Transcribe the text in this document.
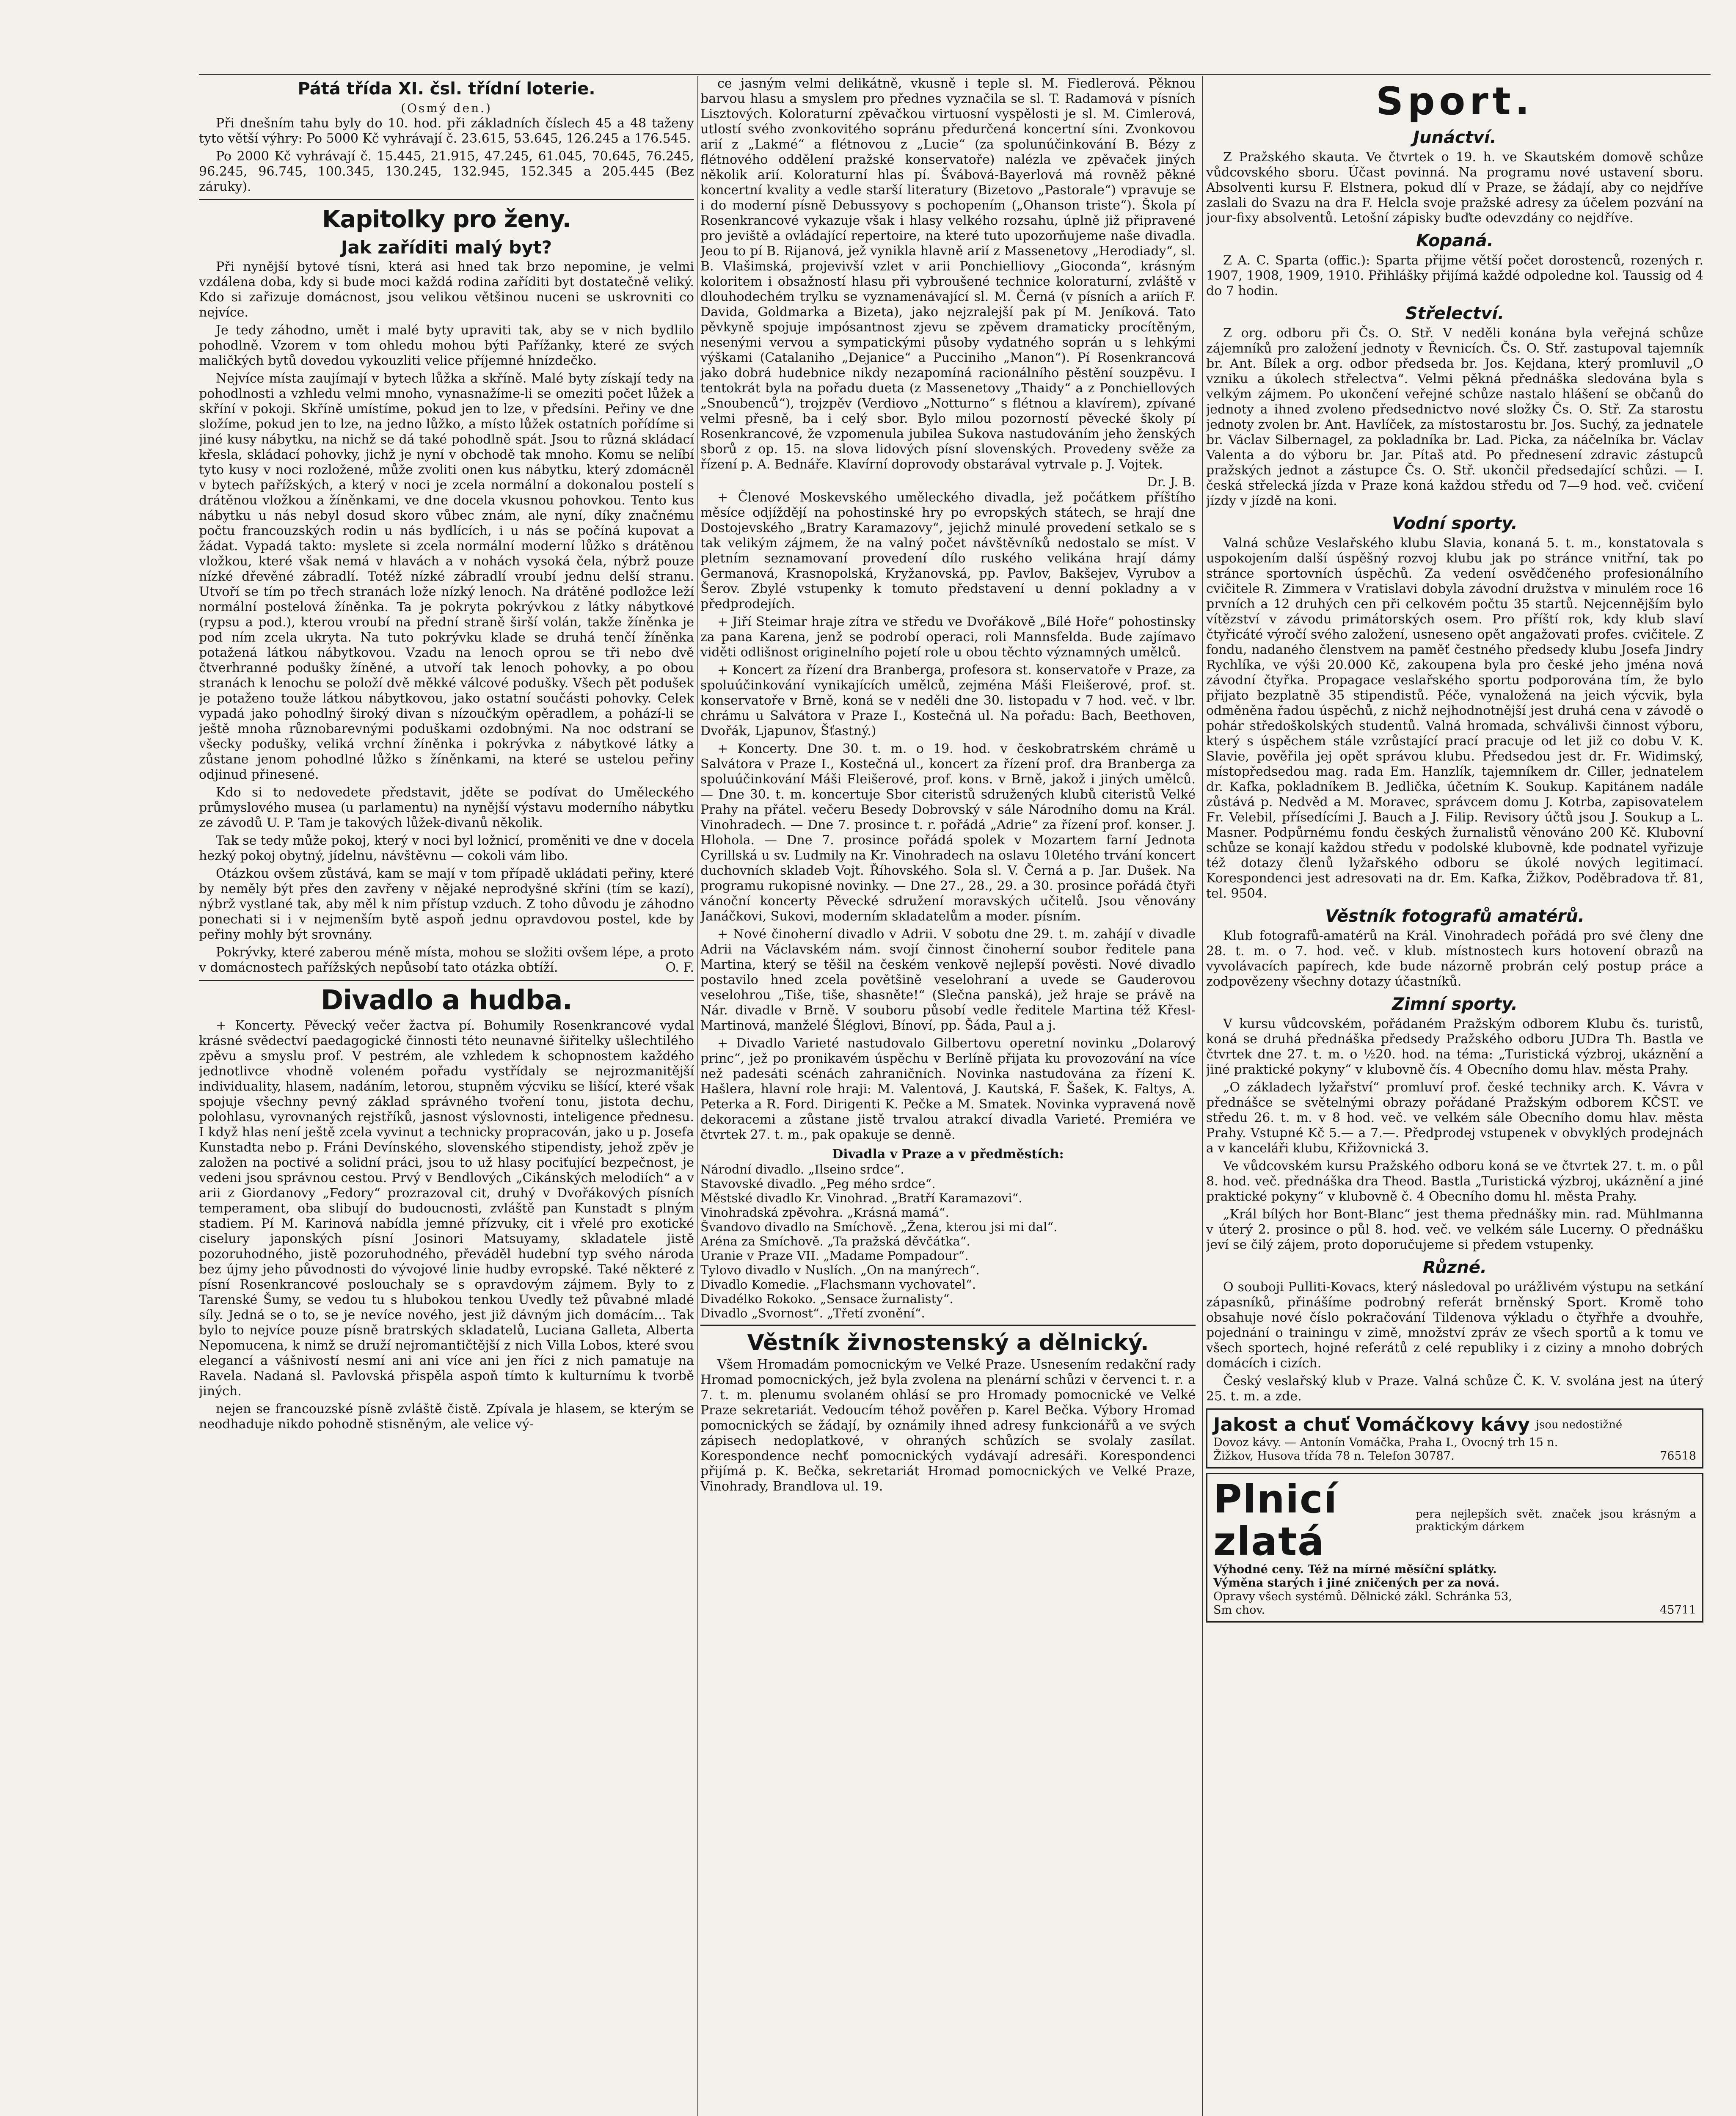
Pátá třída XI. čsl. třídní loterie.
(Osmý den.)

Při dnešním tahu byly do 10. hod. při základních číslech 45 a 48 taženy tyto větší výhry: Po 5000 Kč vyhrávají č. 23.615, 53.645, 126.245 a 176.545.

Po 2000 Kč vyhrávají č. 15.445, 21.915, 47.245, 61.045, 70.645, 76.245, 96.245, 96.745, 100.345, 130.245, 132.945, 152.345 a 205.445 (Bez záruky).

Kapitolky pro ženy.
Jak zaříditi malý byt?

Při nynější bytové tísni, která asi hned tak brzo nepomine, je velmi vzdálena doba, kdy si bude moci každá rodina zaříditi byt dostatečně veliký. Kdo si zařizuje domácnost, jsou velikou většinou nuceni se uskrovniti co nejvíce.

Je tedy záhodno, umět i malé byty upraviti tak, aby se v nich bydlilo pohodlně. Vzorem v tom ohledu mohou býti Pařížanky, které ze svých maličkých bytů dovedou vykouzliti velice příjemné hnízdečko.

Nejvíce místa zaujímají v bytech lůžka a skříně. Malé byty získají tedy na pohodlnosti a vzhledu velmi mnoho, vynasnažíme-li se omeziti počet lůžek a skříní v pokoji. Skříně umístíme, pokud jen to lze, v předsíni. Peřiny ve dne složíme, pokud jen to lze, na jedno lůžko, a místo lůžek ostatních pořídíme si jiné kusy nábytku, na nichž se dá také pohodlně spát. Jsou to různá skládací křesla, skládací pohovky, jichž je nyní v obchodě tak mnoho. Komu se nelíbí tyto kusy v noci rozložené, může zvoliti onen kus nábytku, který zdomácněl v bytech pařížských, a který v noci je zcela normální a dokonalou postelí s drátěnou vložkou a žíněnkami, ve dne docela vkusnou pohovkou. Tento kus nábytku u nás nebyl dosud skoro vůbec znám, ale nyní, díky značnému počtu francouzských rodin u nás bydlících, i u nás se počíná kupovat a žádat. Vypadá takto: myslete si zcela normální moderní lůžko s drátěnou vložkou, které však nemá v hlavách a v nohách vysoká čela, nýbrž pouze nízké dřevěné zábradlí. Totéž nízké zábradlí vroubí jednu delší stranu. Utvoří se tím po třech stranách lože nízký lenoch. Na drátěné podložce leží normální postelová žíněnka. Ta je pokryta pokrývkou z látky nábytkové (rypsu a pod.), kterou vroubí na přední straně širší volán, takže žíněnka je pod ním zcela ukryta. Na tuto pokrývku klade se druhá tenčí žíněnka potažená látkou nábytkovou. Vzadu na lenoch oprou se tři nebo dvě čtverhranné podušky žíněné, a utvoří tak lenoch pohovky, a po obou stranách k lenochu se položí dvě měkké válcové podušky. Všech pět podušek je potaženo touže látkou nábytkovou, jako ostatní součásti pohovky. Celek vypadá jako pohodlný široký divan s nízoučkým opěradlem, a pohází-li se ještě mnoha různobarevnými poduškami ozdobnými. Na noc odstraní se všecky podušky, veliká vrchní žíněnka i pokrývka z nábytkové látky a zůstane jenom pohodlné lůžko s žíněnkami, na které se ustelou peřiny odjinud přinesené.

Kdo si to nedovedete představit, jděte se podívat do Uměleckého průmyslového musea (u parlamentu) na nynější výstavu moderního nábytku ze závodů U. P. Tam je takových lůžek-divanů několik.

Tak se tedy může pokoj, který v noci byl ložnicí, proměniti ve dne v docela hezký pokoj obytný, jídelnu, návštěvnu — cokoli vám libo.

Otázkou ovšem zůstává, kam se mají v tom případě ukládati peřiny, které by neměly být přes den zavřeny v nějaké neprodyšné skříni (tím se kazí), nýbrž vystlané tak, aby měl k nim přístup vzduch. Z toho důvodu je záhodno ponechati si i v nejmenším bytě aspoň jednu opravdovou postel, kde by peřiny mohly být srovnány.

Pokrývky, které zaberou méně místa, mohou se složiti ovšem lépe, a proto v domácnostech pařížských nepůsobí tato otázka obtíží.	O. F.

Divadlo a hudba.

+ Koncerty. Pěvecký večer žactva pí. Bohumily Rosenkrancové vydal krásné svědectví paedagogické činnosti této neunavné šiřitelky ušlechtilého zpěvu a smyslu prof. V pestrém, ale vzhledem k schopnostem každého jednotlivce vhodně voleném pořadu vystřídaly se nejrozmanitější individuality, hlasem, nadáním, letorou, stupněm výcviku se lišící, které však spojuje všechny pevný základ správného tvoření tonu, jistota dechu, polohlasu, vyrovnaných rejstříků, jasnost výslovnosti, inteligence přednesu. I když hlas není ještě zcela vyvinut a technicky propracován, jako u p. Josefa Kunstadta nebo p. Fráni Devínského, slovenského stipendisty, jehož zpěv je založen na poctivé a solidní práci, jsou to už hlasy pociťující bezpečnost, je vedeni jsou správnou cestou. Prvý v Bendlových „Cikánských melodiích“ a v arii z Giordanovy „Fedory“ prozrazoval cit, druhý v Dvořákových písních temperament, oba slibují do budoucnosti, zvláště pan Kunstadt s plným stadiem. Pí M. Karinová nabídla jemné přízvuky, cit i vřelé pro exotické ciselury japonských písní Josinori Matsuyamy, skladatele jistě pozoruhodného, jistě pozoruhodného, převáděl hudební typ svého národa bez újmy jeho původnosti do vývojové linie hudby evropské. Také některé z písní Rosenkrancové poslouchaly se s opravdovým zájmem. Byly to z Tarenské Šumy, se vedou tu s hlubokou tenkou Uvedly tež půvabné mladé síly. Jedná se o to, se je nevíce nového, jest již dávným jich domácím... Tak bylo to nejvíce pouze písně bratrských skladatelů, Luciana Galleta, Alberta Nepomucena, k nimž se druží nejromantičtější z nich Villa Lobos, které svou elegancí a vášnivostí nesmí ani ani více ani jen říci z nich pamatuje na Ravela. Nadaná sl. Pavlovská přispěla aspoň tímto k kulturnímu k tvorbě jiných.

nejen se francouzské písně zvláště čistě. Zpívala je hlasem, se kterým se neodhaduje nikdo pohodně stisněným, ale velice vý-

ce jasným velmi delikátně, vkusně i teple sl. M. Fiedlerová. Pěknou barvou hlasu a smyslem pro přednes vyznačila se sl. T. Radamová v písních Lisztových. Koloraturní zpěvačkou virtuosní vyspělosti je sl. M. Cimlerová, utlostí svého zvonkovitého sopránu předurčená koncertní síni. Zvonkovou arií z „Lakmé“ a flétnovou z „Lucie“ (za spolunúčinkování B. Bézy z flétnového oddělení pražské konservatoře) nalézla ve zpěvaček jiných několik arií. Koloraturní hlas pí. Švábová-Bayerlová má rovněž pěkné koncertní kvality a vedle starší literatury (Bizetovo „Pastorale“) vpravuje se i do moderní písně Debussyovy s pochopením („Ohanson triste“). Škola pí Rosenkrancové vykazuje však i hlasy velkého rozsahu, úplně již připravené pro jeviště a ovládající repertoire, na které tuto upozorňujeme naše divadla. Jeou to pí B. Rijanová, jež vynikla hlavně arií z Massenetovy „Herodiady“, sl. B. Vlašimská, projevivší vzlet v arii Ponchielliovy „Gioconda“, krásným koloritem i obsažností hlasu při vybroušené technice koloraturní, zvláště v dlouhodechém trylku se vyznamenávající sl. M. Černá (v písních a ariích F. Davida, Goldmarka a Bizeta), jako nejzralejší pak pí M. Jeníková. Tato pěvkyně spojuje impósantnost zjevu se zpěvem dramaticky procítěným, nesenými vervou a sympatickými působy vydatného soprán u s lehkými výškami (Catalaniho „Dejanice“ a Pucciniho „Manon“). Pí Rosenkrancová jako dobrá hudebnice nikdy nezapomíná racionálního pěstění souzpěvu. I tentokrát byla na pořadu dueta (z Massenetovy „Thaidy“ a z Ponchiellových „Snoubenců“), trojzpěv (Verdiovo „Notturno“ s flétnou a klavírem), zpívané velmi přesně, ba i celý sbor. Bylo milou pozorností pěvecké školy pí Rosenkrancové, že vzpomenula jubilea Sukova nastudováním jeho ženských sborů z op. 15. na slova lidových písní slovenských. Provedeny svěže za řízení p. A. Bednáře. Klavírní doprovody obstarával vytrvale p. J. Vojtek.

Dr. J. B.

+ Členové Moskevského uměleckého divadla, jež počátkem příštího měsíce odjíždějí na pohostinské hry po evropských státech, se hrají dne Dostojevského „Bratry Karamazovy“, jejichž minulé provedení setkalo se s tak velikým zájmem, že na valný počet návštěvníků nedostalo se míst. V pletním seznamovaní provedení dílo ruského velikána hrají dámy Germanová, Krasnopolská, Kryžanovská, pp. Pavlov, Bakšejev, Vyrubov a Šerov. Zbylé vstupenky k tomuto představení u denní pokladny a v předprodejích.

+ Jiří Steimar hraje zítra ve středu ve Dvořákově „Bílé Hoře“ pohostinsky za pana Karena, jenž se podrobí operaci, roli Mannsfelda. Bude zajímavo viděti odlišnost originelního pojetí role u obou těchto významných umělců.

+ Koncert za řízení dra Branberga, profesora st. konservatoře v Praze, za spoluúčinkování vynikajících umělců, zejména Máši Fleišerové, prof. st. konservatoře v Brně, koná se v neděli dne 30. listopadu v 7 hod. več. v lbr. chrámu u Salvátora v Praze I., Kostečná ul. Na pořadu: Bach, Beethoven, Dvořák, Ljapunov, Šťastný.)

+ Koncerty. Dne 30. t. m. o 19. hod. v českobratrském chrámě u Salvátora v Praze I., Kostečná ul., koncert za řízení prof. dra Branberga za spoluúčinkování Máši Fleišerové, prof. kons. v Brně, jakož i jiných umělců. — Dne 30. t. m. koncertuje Sbor citeristů sdružených klubů citeristů Velké Prahy na přátel. večeru Besedy Dobrovský v sále Národního domu na Král. Vinohradech. — Dne 7. prosince t. r. pořádá „Adrie“ za řízení prof. konser. J. Hlohola. — Dne 7. prosince pořádá spolek v Mozartem farní Jednota Cyrillská u sv. Ludmily na Kr. Vinohradech na oslavu 10letého trvání koncert duchovních skladeb Vojt. Říhovského. Sola sl. V. Černá a p. Jar. Dušek. Na programu rukopisné novinky. — Dne 27., 28., 29. a 30. prosince pořádá čtyři vánoční koncerty Pěvecké sdružení moravských učitelů. Jsou věnovány Janáčkovi, Sukovi, moderním skladatelům a moder. písním.

+ Nové činoherní divadlo v Adrii. V sobotu dne 29. t. m. zahájí v divadle Adrii na Václavském nám. svojí činnost činoherní soubor ředitele pana Martina, který se těšil na českém venkově nejlepší pověsti. Nové divadlo postavilo hned zcela povětšině veselohraní a uvede se Gauderovou veselohrou „Tiše, tiše, shasněte!“ (Slečna panská), jež hraje se právě na Nár. divadle v Brně. V souboru působí vedle ředitele Martina též Křesl-Martinová, manželé Šléglovi, Bínoví, pp. Šáda, Paul a j.

+ Divadlo Varieté nastudovalo Gilbertovu operetní novinku „Dolarový princ“, jež po pronikavém úspěchu v Berlíně přijata ku provozování na více než padesáti scénách zahraničních. Novinka nastudována za řízení K. Hašlera, hlavní role hraji: M. Valentová, J. Kautská, F. Šašek, K. Faltys, A. Peterka a R. Ford. Dirigenti K. Pečke a M. Smatek. Novinka vypravená nově dekoracemi a zůstane jistě trvalou atrakcí divadla Varieté. Premiéra ve čtvrtek 27. t. m., pak opakuje se denně.

Divadla v Praze a v předměstích:
Národní divadlo. „Ilseino srdce“.
Stavovské divadlo. „Peg mého srdce“.
Městské divadlo Kr. Vinohrad. „Bratří Karamazovi“.
Vinohradská zpěvohra. „Krásná mamá“.
Švandovo divadlo na Smíchově. „Žena, kterou jsi mi dal“.
Aréna za Smíchově. „Ta pražská děvčátka“.
Uranie v Praze VII. „Madame Pompadour“.
Tylovo divadlo v Nuslích. „On na manýrech“.
Divadlo Komedie. „Flachsmann vychovatel“.
Divadélko Rokoko. „Sensace žurnalisty“.
Divadlo „Svornost“. „Třetí zvonění“.
Věstník živnostenský a dělnický.

Všem Hromadám pomocnickým ve Velké Praze. Usnesením redakční rady Hromad pomocnických, jež byla zvolena na plenární schůzi v červenci t. r. a 7. t. m. plenumu svolaném ohlásí se pro Hromady pomocnické ve Velké Praze sekretariát. Vedoucím téhož pověřen p. Karel Bečka. Výbory Hromad pomocnických se žádají, by oznámily ihned adresy funkcionářů a ve svých zápisech nedoplatkové, v ohraných schůzích se svolaly zasílat. Korespondence nechť pomocnických vydávají adresáři. Korespondenci přijímá p. K. Bečka, sekretariát Hromad pomocnických ve Velké Praze, Vinohrady, Brandlova ul. 19.

Sport.
Junáctví.

Z Pražského skauta. Ve čtvrtek o 19. h. ve Skautském domově schůze vůdcovského sboru. Účast povinná. Na programu nové ustavení sboru. Absolventi kursu F. Elstnera, pokud dlí v Praze, se žádají, aby co nejdříve zaslali do Svazu na dra F. Helcla svoje pražské adresy za účelem pozvání na jour-fixy absolventů. Letošní zápisky buďte odevzdány co nejdříve.

Kopaná.

Z A. C. Sparta (offic.): Sparta přijme větší počet dorostenců, rozených r. 1907, 1908, 1909, 1910. Přihlášky přijímá každé odpoledne kol. Taussig od 4 do 7 hodin.

Střelectví.

Z org. odboru při Čs. O. Stř. V neděli konána byla veřejná schůze zájemníků pro založení jednoty v Řevnicích. Čs. O. Stř. zastupoval tajemník br. Ant. Bílek a org. odbor předseda br. Jos. Kejdana, který promluvil „O vzniku a úkolech střelectva“. Velmi pěkná přednáška sledována byla s velkým zájmem. Po ukončení veřejné schůze nastalo hlášení se občanů do jednoty a ihned zvoleno předsednictvo nové složky Čs. O. Stř. Za starostu jednoty zvolen br. Ant. Havlíček, za místostarostu br. Jos. Suchý, za jednatele br. Václav Silbernagel, za pokladníka br. Lad. Picka, za náčelníka br. Václav Valenta a do výboru br. Jar. Pítaš atd. Po přednesení zdravic zástupců pražských jednot a zástupce Čs. O. Stř. ukončil předsedající schůzi. — I. česká střelecká jízda v Praze koná každou středu od 7—9 hod. več. cvičení jízdy v jízdě na koni.

Vodní sporty.

Valná schůze Veslařského klubu Slavia, konaná 5. t. m., konstatovala s uspokojením další úspěšný rozvoj klubu jak po stránce vnitřní, tak po stránce sportovních úspěchů. Za vedení osvědčeného profesionálního cvičitele R. Zimmera v Vratislavi dobyla závodní družstva v minulém roce 16 prvních a 12 druhých cen při celkovém počtu 35 startů. Nejcennějším bylo vítězství v závodu primátorských osem. Pro příští rok, kdy klub slaví čtyřicáté výročí svého založení, usneseno opět angažovati profes. cvičitele. Z fondu, nadaného členstvem na paměť čestného předsedy klubu Josefa Jindry Rychlíka, ve výši 20.000 Kč, zakoupena byla pro české jeho jména nová závodní čtyřka. Propagace veslařského sportu podporována tím, že bylo přijato bezplatně 35 stipendistů. Péče, vynaložená na jeich výcvik, byla odměněna řadou úspěchů, z nichž nejhodnotnější jest druhá cena v závodě o pohár středoškolských studentů. Valná hromada, schválivši činnost výboru, který s úspěchem stále vzrůstající prací pracuje od let již co dobu V. K. Slavie, pověřila jej opět správou klubu. Předsedou jest dr. Fr. Widimský, místopředsedou mag. rada Em. Hanzlík, tajemníkem dr. Ciller, jednatelem dr. Kafka, pokladníkem B. Jedlička, účetním K. Soukup. Kapitánem nadále zůstává p. Nedvěd a M. Moravec, správcem domu J. Kotrba, zapisovatelem Fr. Velebil, přísedícími J. Bauch a J. Filip. Revisory účtů jsou J. Soukup a L. Masner. Podpůrnému fondu českých žurnalistů věnováno 200 Kč. Klubovní schůze se konají každou středu v podolské klubovně, kde podnatel vyřizuje též dotazy členů lyžařského odboru se úkolé nových legitimací. Korespondenci jest adresovati na dr. Em. Kafka, Žižkov, Poděbradova tř. 81, tel. 9504.

Věstník fotografů amatérů.

Klub fotografů-amatérů na Král. Vinohradech pořádá pro své členy dne 28. t. m. o 7. hod. več. v klub. místnostech kurs hotovení obrazů na vyvolávacích papírech, kde bude názorně probrán celý postup práce a zodpovězeny všechny dotazy účastníků.

Zimní sporty.

V kursu vůdcovském, pořádaném Pražským odborem Klubu čs. turistů, koná se druhá přednáška předsedy Pražského odboru JUDra Th. Bastla ve čtvrtek dne 27. t. m. o ½20. hod. na téma: „Turistická výzbroj, ukáznění a jiné praktické pokyny“ v klubovně čís. 4 Obecního domu hlav. města Prahy.

„O základech lyžařství“ promluví prof. české techniky arch. K. Vávra v přednášce se světelnými obrazy pořádané Pražským odborem KČST. ve středu 26. t. m. v 8 hod. več. ve velkém sále Obecního domu hlav. města Prahy. Vstupné Kč 5.— a 7.—. Předprodej vstupenek v obvyklých prodejnách a v kanceláři klubu, Křižovnická 3.

Ve vůdcovském kursu Pražského odboru koná se ve čtvrtek 27. t. m. o půl 8. hod. več. přednáška dra Theod. Bastla „Turistická výzbroj, ukáznění a jiné praktické pokyny“ v klubovně č. 4 Obecního domu hl. města Prahy.

„Král bílých hor Bont-Blanc“ jest thema přednášky min. rad. Mühlmanna v úterý 2. prosince o půl 8. hod. več. ve velkém sále Lucerny. O přednášku jeví se čilý zájem, proto doporučujeme si předem vstupenky.

Různé.

O souboji Pulliti-Kovacs, který následoval po urážlivém výstupu na setkání zápasníků, přinášíme podrobný referát brněnský Sport. Kromě toho obsahuje nové číslo pokračování Tildenova výkladu o čtyřhře a dvouhře, pojednání o trainingu v zimě, množství zpráv ze všech sportů a k tomu ve všech sportech, hojné referátů z celé republiky i z ciziny a mnoho dobrých domácích i cizích.

Český veslařský klub v Praze. Valná schůze Č. K. V. svolána jest na úterý 25. t. m. a zde.

Jakost a chuť Vomáčkovy kávy jsou nedostižné
Dovoz kávy. — Antonín Vomáčka, Praha I., Ovocný trh 15 n.
Žižkov, Husova třída 78 n. Telefon 30787.	76518
Plnicí zlatá
pera nejlepších svět. značek jsou krásným a praktickým dárkem
Výhodné ceny. Též na mírné měsíční splátky.
Výměna starých i jiné zničených per za nová.
Opravy všech systémů. Dělnické zákl. Schránka 53,
Sm chov.	45711
